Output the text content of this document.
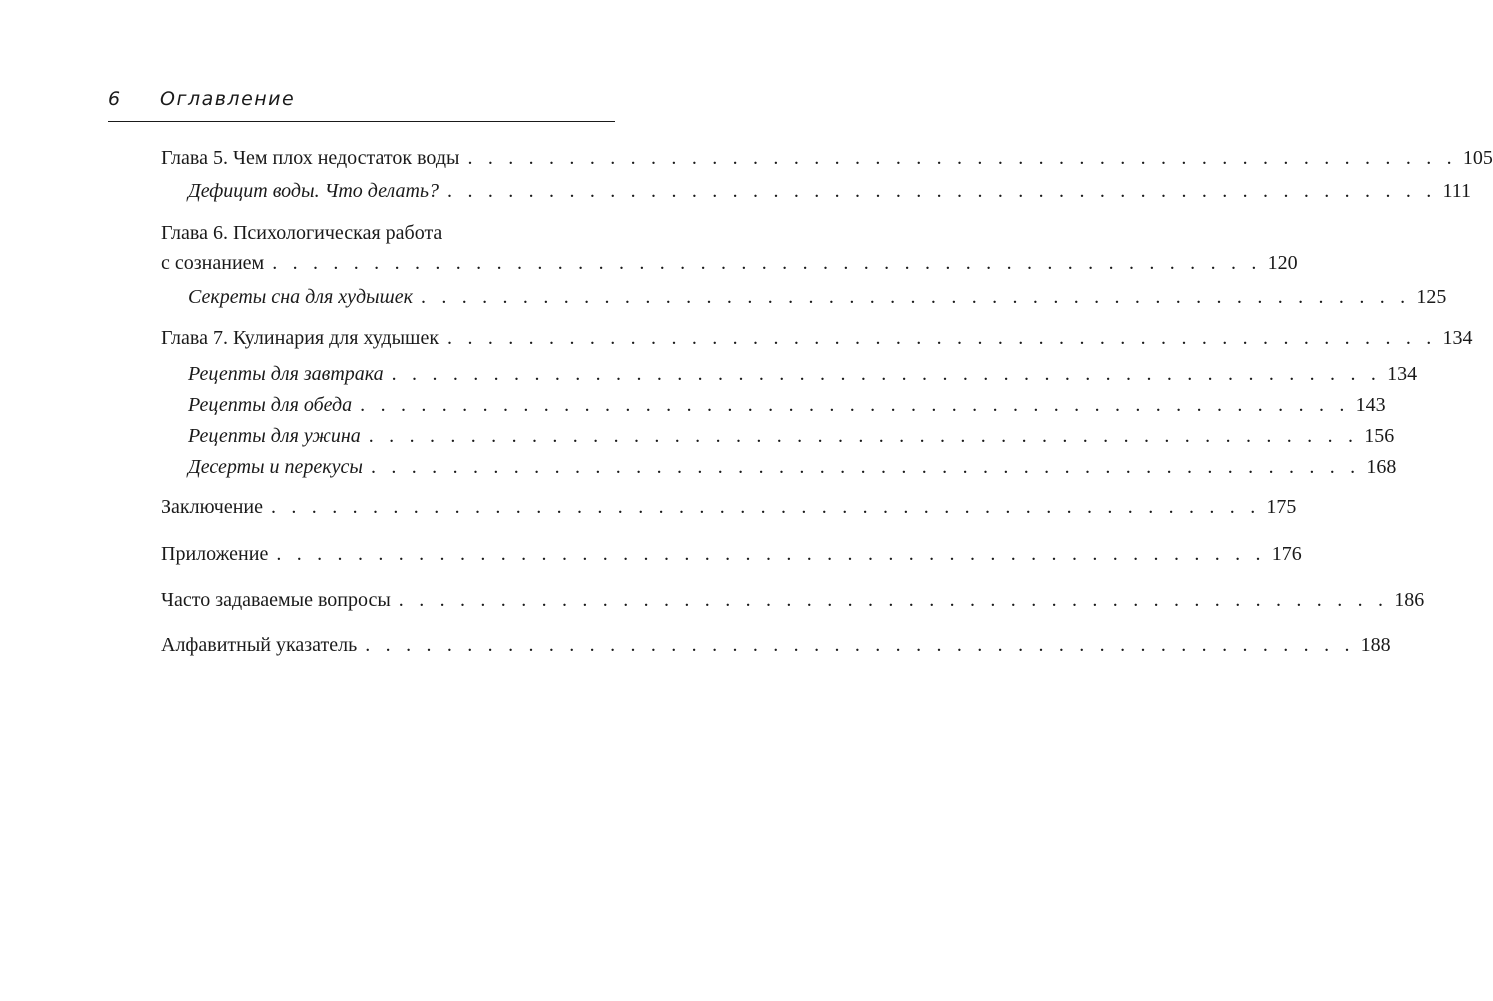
6 Оглавление
Глава 5. Чем плох недостаток воды . . . . . . . . . . . . . . . . . . . . . . . . . . . . . . . . . . . . . . . . . . . . . . . . . 105
Дефицит воды. Что делать? . . . . . . . . . . . . . . . . . . . . . . . . . . . . . . . . . . . . . . . . . . . . . . . . . 111
Глава 6. Психологическая работа
с сознанием . . . . . . . . . . . . . . . . . . . . . . . . . . . . . . . . . . . . . . . . . . . . . . . . . 120
Секреты сна для худышек . . . . . . . . . . . . . . . . . . . . . . . . . . . . . . . . . . . . . . . . . . . . . . . . . 125
Глава 7. Кулинария для худышек . . . . . . . . . . . . . . . . . . . . . . . . . . . . . . . . . . . . . . . . . . . . . . . . . 134
Рецепты для завтрака . . . . . . . . . . . . . . . . . . . . . . . . . . . . . . . . . . . . . . . . . . . . . . . . . 134
Рецепты для обеда . . . . . . . . . . . . . . . . . . . . . . . . . . . . . . . . . . . . . . . . . . . . . . . . . 143
Рецепты для ужина . . . . . . . . . . . . . . . . . . . . . . . . . . . . . . . . . . . . . . . . . . . . . . . . . 156
Десерты и перекусы . . . . . . . . . . . . . . . . . . . . . . . . . . . . . . . . . . . . . . . . . . . . . . . . . 168
Заключение . . . . . . . . . . . . . . . . . . . . . . . . . . . . . . . . . . . . . . . . . . . . . . . . . 175
Приложение . . . . . . . . . . . . . . . . . . . . . . . . . . . . . . . . . . . . . . . . . . . . . . . . . 176
Часто задаваемые вопросы . . . . . . . . . . . . . . . . . . . . . . . . . . . . . . . . . . . . . . . . . . . . . . . . . 186
Алфавитный указатель . . . . . . . . . . . . . . . . . . . . . . . . . . . . . . . . . . . . . . . . . . . . . . . . . 188
